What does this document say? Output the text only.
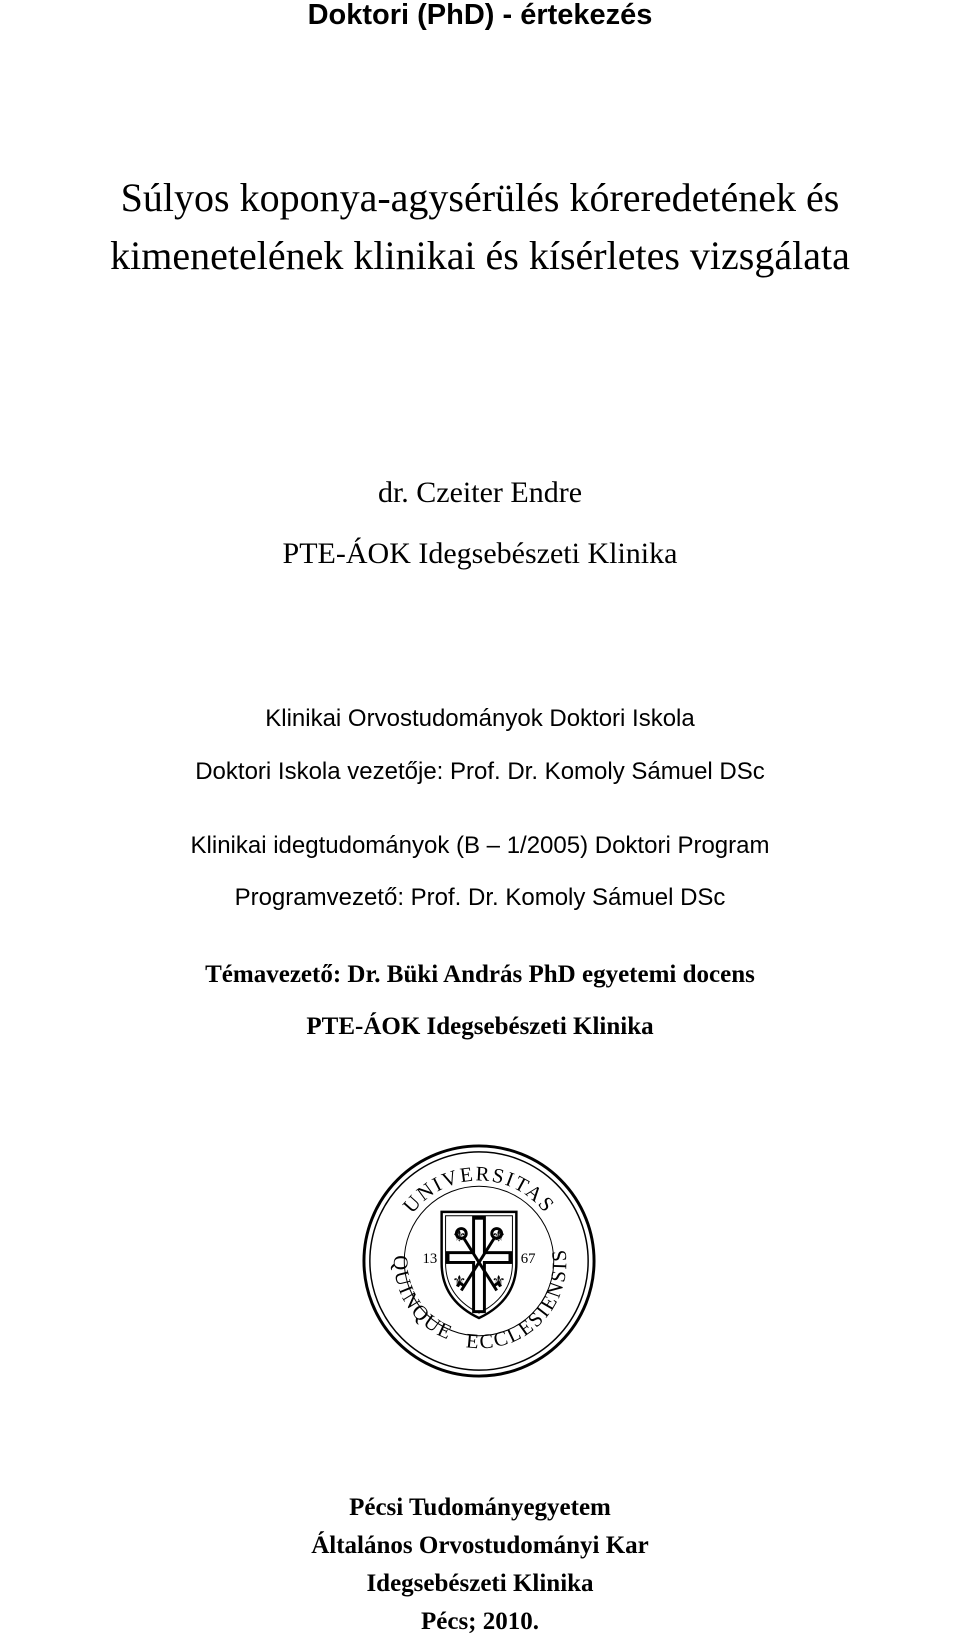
Doktori (PhD) - értekezés
Súlyos koponya-agysérülés kóreredetének és
kimenetelének klinikai és kísérletes vizsgálata
dr. Czeiter Endre
PTE-ÁOK Idegsebészeti Klinika
Klinikai Orvostudományok Doktori Iskola
Doktori Iskola vezetője: Prof. Dr. Komoly Sámuel DSc
Klinikai idegtudományok (B – 1/2005) Doktori Program
Programvezető: Prof. Dr. Komoly Sámuel DSc
Témavezető: Dr. Büki András PhD egyetemi docens
PTE-ÁOK Idegsebészeti Klinika
UNIVERSITAS
QUINQUE ECCLESIENSIS
⚜ ⚜
⚜ ⚜
13	67
Pécsi Tudományegyetem
Általános Orvostudományi Kar
Idegsebészeti Klinika
Pécs; 2010.
